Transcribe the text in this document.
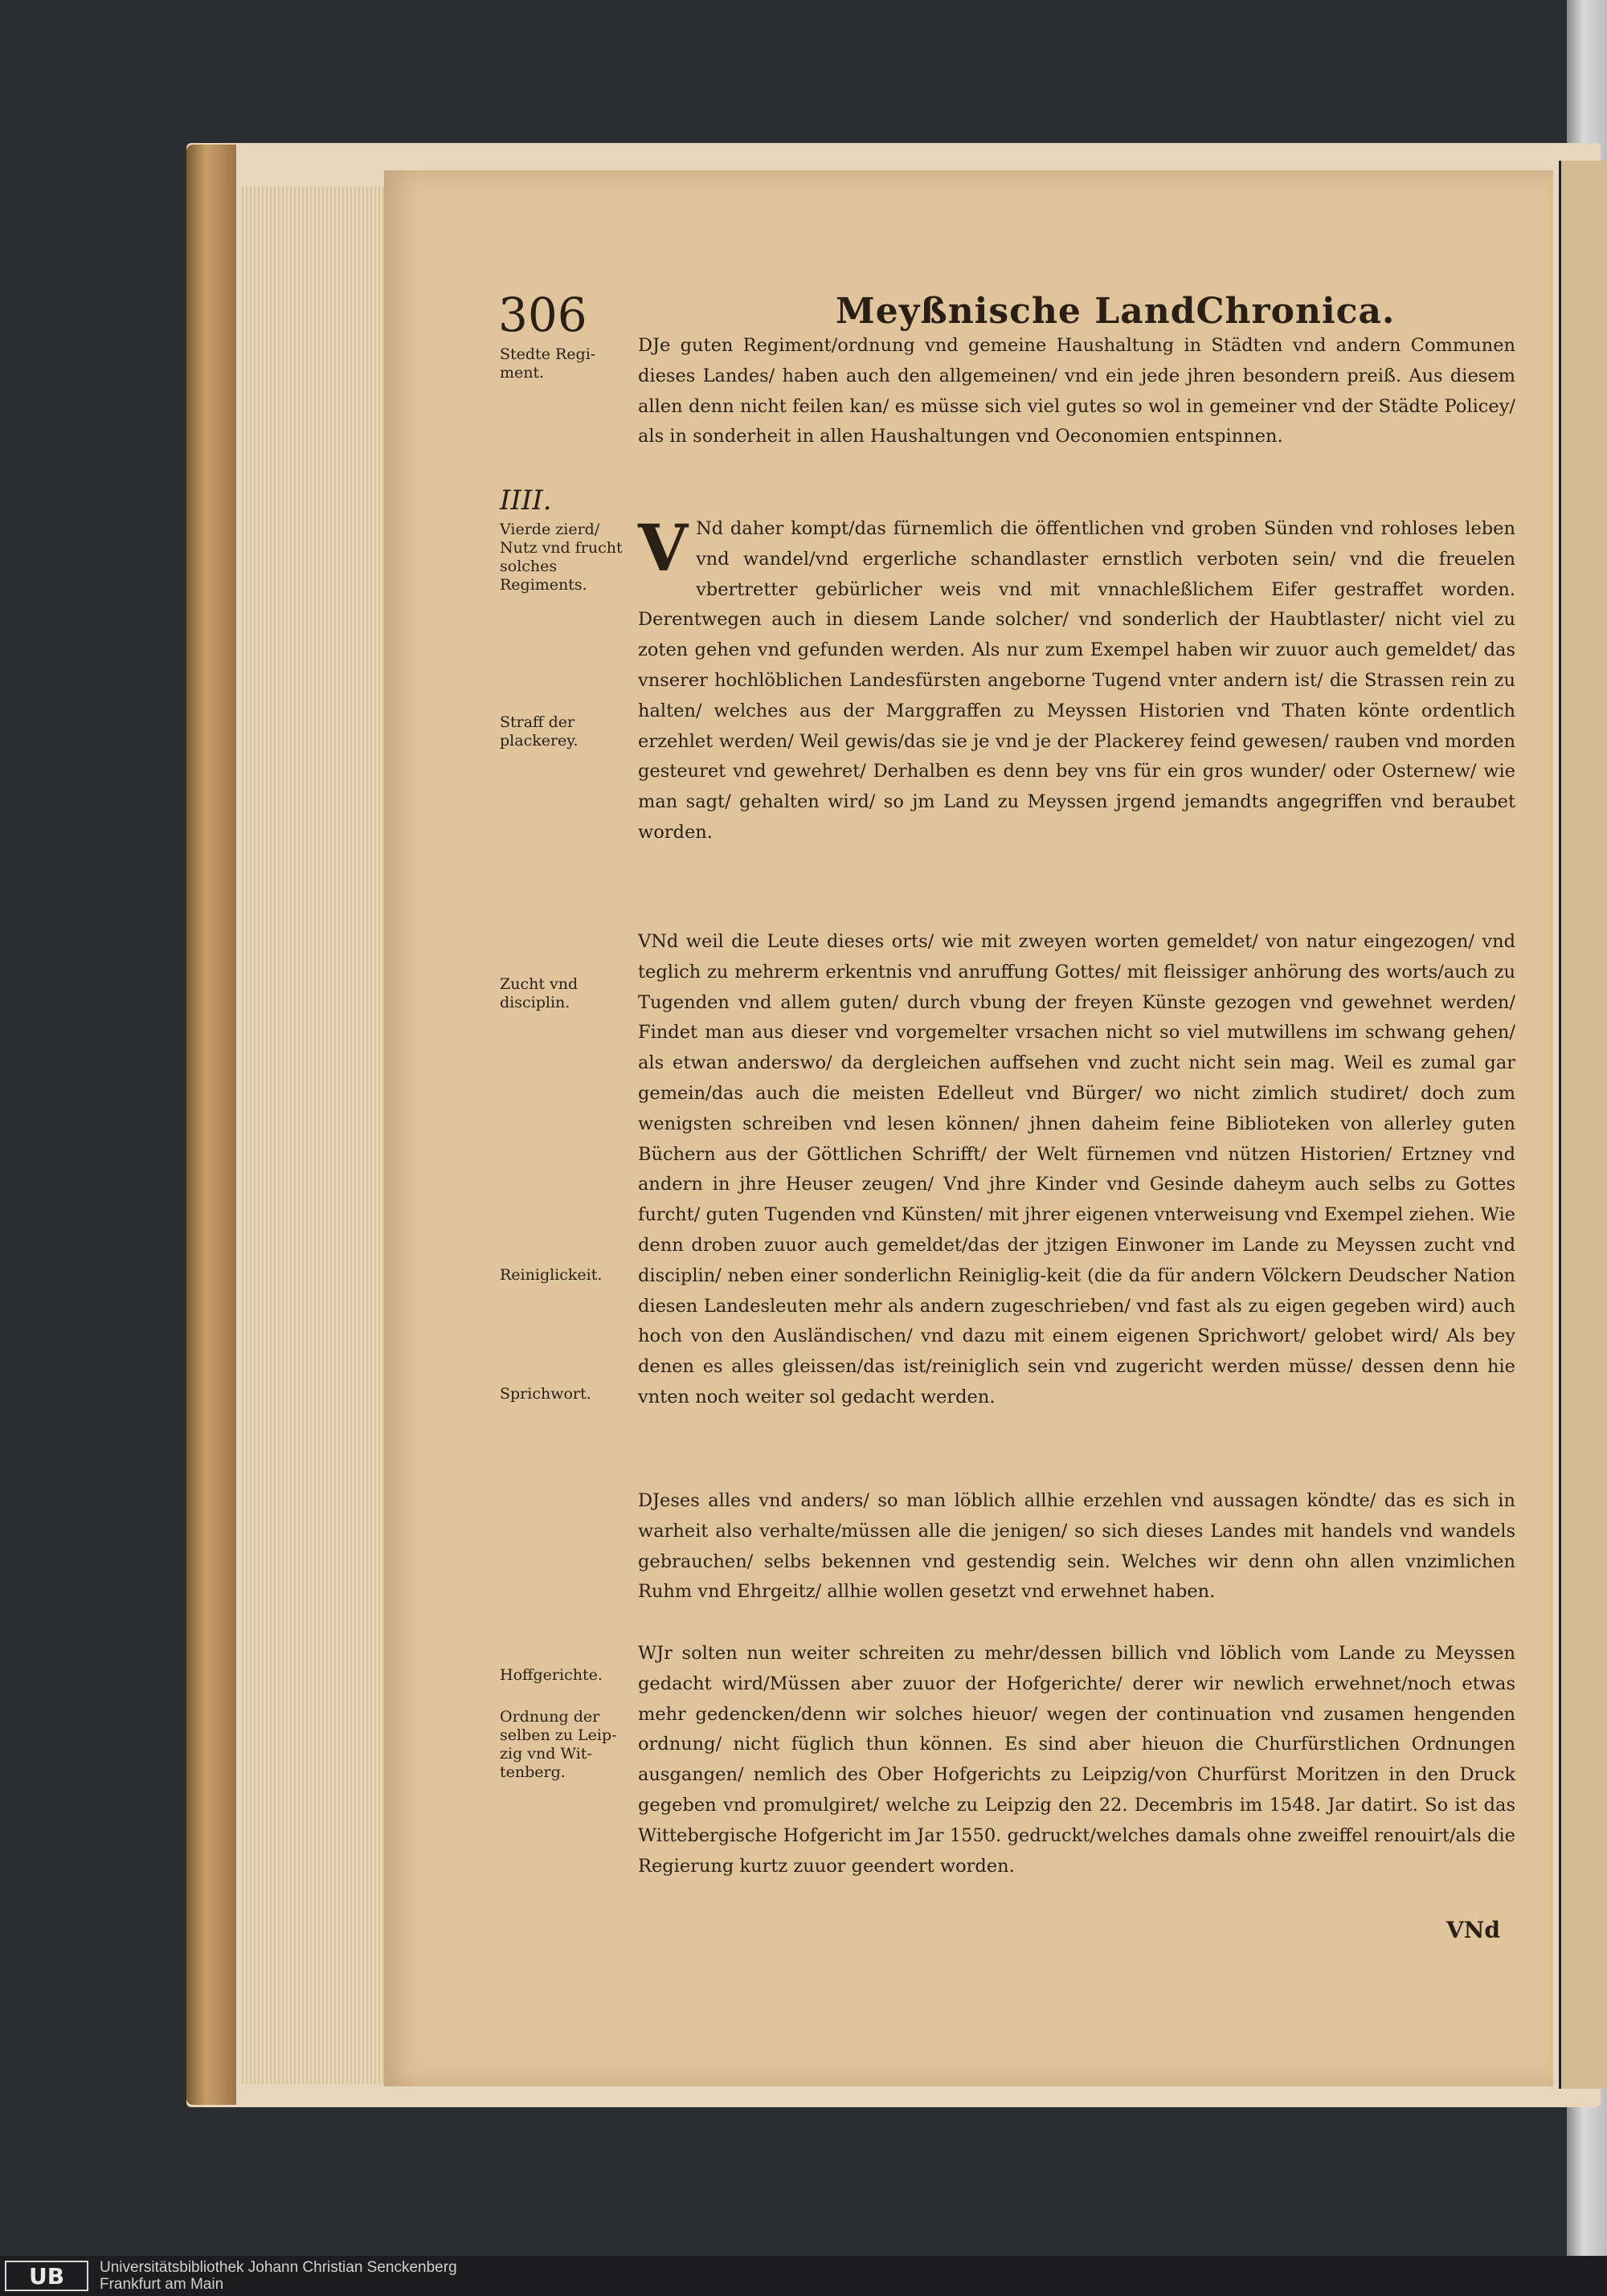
306	Meyßnische LandChronica.
Stedte Regi-ment.
IIII.
Vierde zierd/ Nutz vnd frucht solches Regiments.
Straff der plackerey.
Zucht vnd disciplin.
Reiniglickeit.
Sprichwort.
Hoffgerichte.
Ordnung der selben zu Leip-zig vnd Wit-tenberg.
DJe guten Regiment/ordnung vnd gemeine Haushaltung in Städten vnd andern Communen dieses Landes/ haben auch den allgemeinen/ vnd ein jede jhren besondern preiß. Aus diesem allen denn nicht feilen kan/ es müsse sich viel gutes so wol in gemeiner vnd der Städte Policey/ als in sonderheit in allen Haushaltungen vnd Oeconomien entspinnen.
V Nd daher kompt/das fürnemlich die öffentlichen vnd groben Sünden vnd rohloses leben vnd wandel/vnd ergerliche schandlaster ernstlich verboten sein/ vnd die freuelen vbertretter gebürlicher weis vnd mit vnnachleßlichem Eifer gestraffet worden. Derentwegen auch in diesem Lande solcher/ vnd sonderlich der Haubtlaster/ nicht viel zu zoten gehen vnd gefunden werden. Als nur zum Exempel haben wir zuuor auch gemeldet/ das vnserer hochlöblichen Landesfürsten angeborne Tugend vnter andern ist/ die Strassen rein zu halten/ welches aus der Marggraffen zu Meyssen Historien vnd Thaten könte ordentlich erzehlet werden/ Weil gewis/das sie je vnd je der Plackerey feind gewesen/ rauben vnd morden gesteuret vnd gewehret/ Derhalben es denn bey vns für ein gros wunder/ oder Osternew/ wie man sagt/ gehalten wird/ so jm Land zu Meyssen jrgend jemandts angegriffen vnd beraubet worden.
VNd weil die Leute dieses orts/ wie mit zweyen worten gemeldet/ von natur eingezogen/ vnd teglich zu mehrerm erkentnis vnd anruffung Gottes/ mit fleissiger anhörung des worts/auch zu Tugenden vnd allem guten/ durch vbung der freyen Künste gezogen vnd gewehnet werden/ Findet man aus dieser vnd vorgemelter vrsachen nicht so viel mutwillens im schwang gehen/ als etwan anderswo/ da dergleichen auffsehen vnd zucht nicht sein mag. Weil es zumal gar gemein/das auch die meisten Edelleut vnd Bürger/ wo nicht zimlich studiret/ doch zum wenigsten schreiben vnd lesen können/ jhnen daheim feine Biblioteken von allerley guten Büchern aus der Göttlichen Schrifft/ der Welt fürnemen vnd nützen Historien/ Ertzney vnd andern in jhre Heuser zeugen/ Vnd jhre Kinder vnd Gesinde daheym auch selbs zu Gottes furcht/ guten Tugenden vnd Künsten/ mit jhrer eigenen vnterweisung vnd Exempel ziehen. Wie denn droben zuuor auch gemeldet/das der jtzigen Einwoner im Lande zu Meyssen zucht vnd disciplin/ neben einer sonderlichn Reiniglig-keit (die da für andern Völckern Deudscher Nation diesen Landesleuten mehr als andern zugeschrieben/ vnd fast als zu eigen gegeben wird) auch hoch von den Ausländischen/ vnd dazu mit einem eigenen Sprichwort/ gelobet wird/ Als bey denen es alles gleissen/das ist/reiniglich sein vnd zugericht werden müsse/ dessen denn hie vnten noch weiter sol gedacht werden.
DJeses alles vnd anders/ so man löblich allhie erzehlen vnd aussagen köndte/ das es sich in warheit also verhalte/müssen alle die jenigen/ so sich dieses Landes mit handels vnd wandels gebrauchen/ selbs bekennen vnd gestendig sein. Welches wir denn ohn allen vnzimlichen Ruhm vnd Ehrgeitz/ allhie wollen gesetzt vnd erwehnet haben.
WJr solten nun weiter schreiten zu mehr/dessen billich vnd löblich vom Lande zu Meyssen gedacht wird/Müssen aber zuuor der Hofgerichte/ derer wir newlich erwehnet/noch etwas mehr gedencken/denn wir solches hieuor/ wegen der continuation vnd zusamen hengenden ordnung/ nicht füglich thun können. Es sind aber hieuon die Churfürstlichen Ordnungen ausgangen/ nemlich des Ober Hofgerichts zu Leipzig/von Churfürst Moritzen in den Druck gegeben vnd promulgiret/ welche zu Leipzig den 22. Decembris im 1548. Jar datirt. So ist das Wittebergische Hofgericht im Jar 1550. gedruckt/welches damals ohne zweiffel renouirt/als die Regierung kurtz zuuor geendert worden.
VNd
UB	Universitätsbibliothek Johann Christian Senckenberg
Frankfurt am Main
